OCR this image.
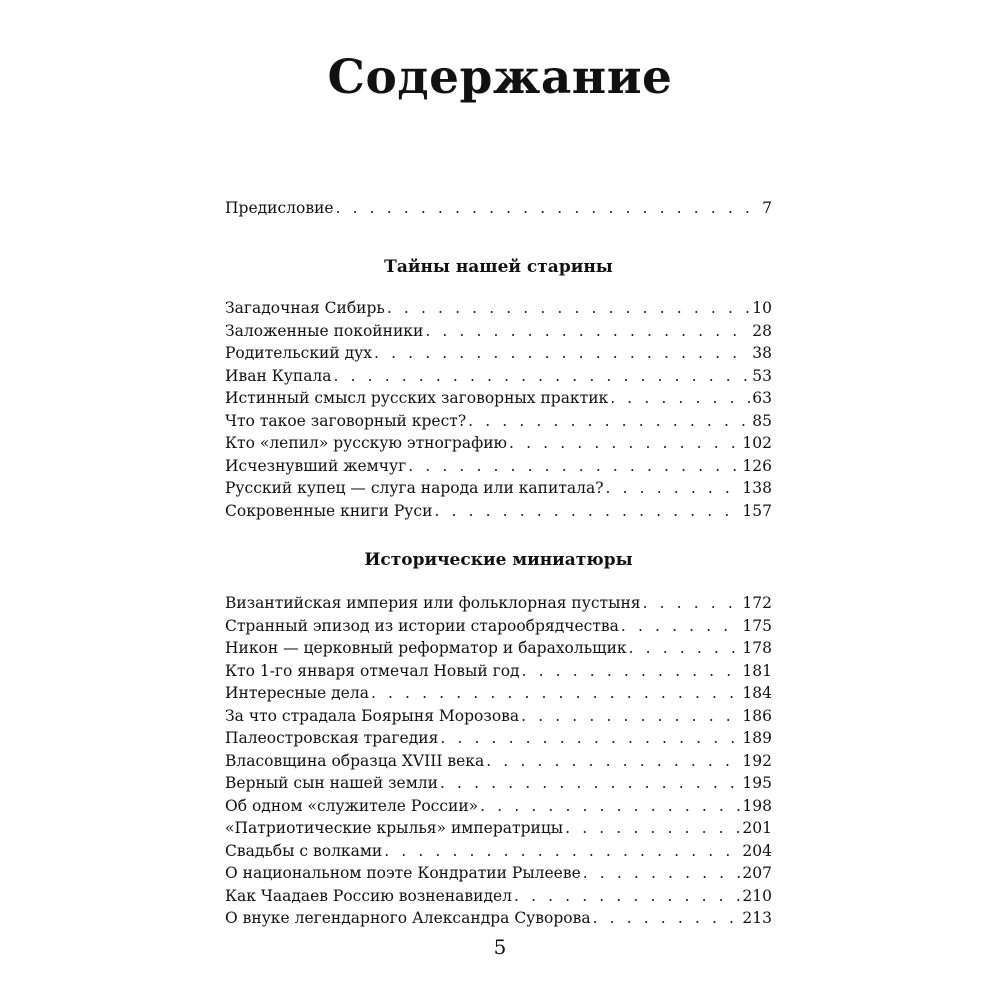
Содержание
Предисловие . . .	7
Тайны нашей старины
Загадочная Сибирь . . .	10
Заложенные покойники . . .	28
Родительский дух . . .	38
Иван Купала . . .	53
Истинный смысл русских заговорных практик . . .	63
Что такое заговорный крест? . . .	85
Кто «лепил» русскую этнографию . . .	102
Исчезнувший жемчуг . . .	126
Русский купец — слуга народа или капитала? . . .	138
Сокровенные книги Руси . . .	157
Исторические миниатюры
Византийская империя или фольклорная пустыня . . .	172
Странный эпизод из истории старообрядчества . . .	175
Никон — церковный реформатор и барахольщик . . .	178
Кто 1-го января отмечал Новый год . . .	181
Интересные дела . . .	184
За что страдала Боярыня Морозова . . .	186
Палеостровская трагедия . . .	189
Власовщина образца XVIII века . . .	192
Верный сын нашей земли . . .	195
Об одном «служителе России» . . .	198
«Патриотические крылья» императрицы . . .	201
Свадьбы с волками . . .	204
О национальном поэте Кондратии Рылееве . . .	207
Как Чаадаев Россию возненавидел . . .	210
О внуке легендарного Александра Суворова . . .	213
5
